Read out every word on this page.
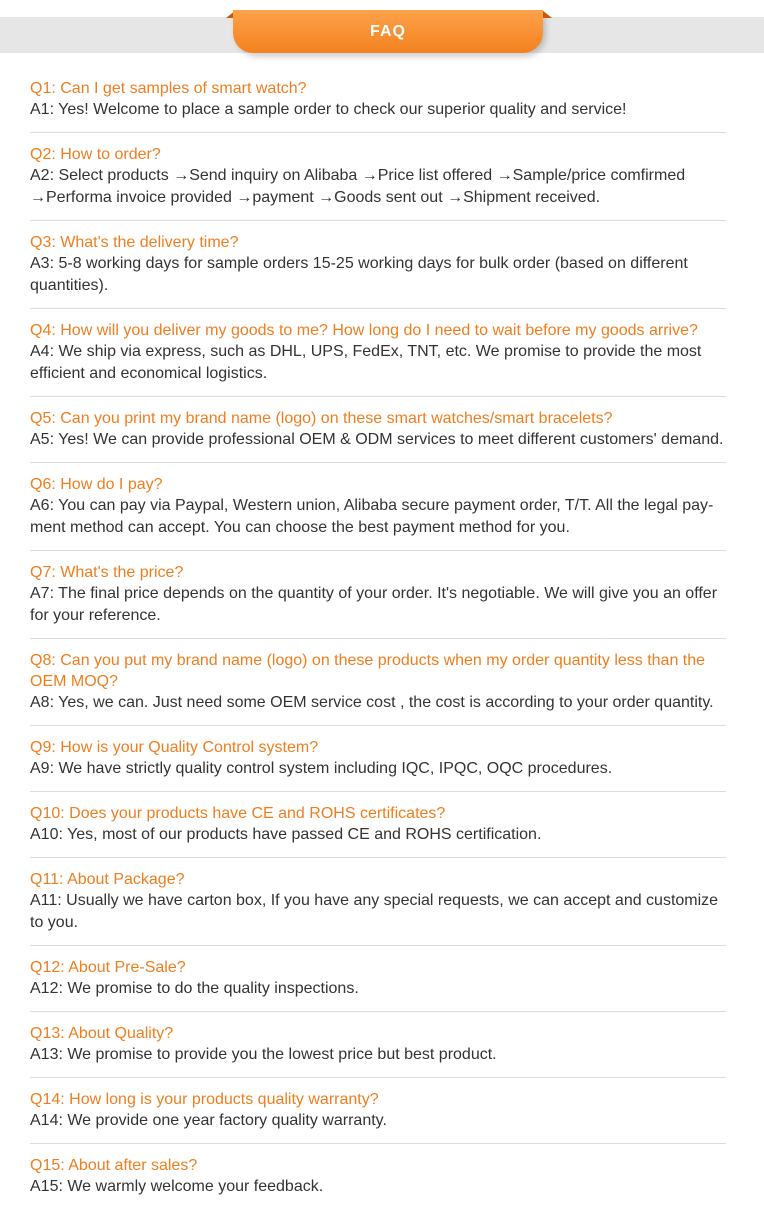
FAQ
Q1: Can I get samples of smart watch?
A1: Yes! Welcome to place a sample order to check our superior quality and service!
Q2: How to order?
A2: Select products →Send inquiry on Alibaba →Price list offered →Sample/price comfirmed →Performa invoice provided →payment →Goods sent out →Shipment received.
Q3: What's the delivery time?
A3: 5-8 working days for sample orders 15-25 working days for bulk order (based on different quantities).
Q4: How will you deliver my goods to me? How long do I need to wait before my goods arrive?
A4: We ship via express, such as DHL, UPS, FedEx, TNT, etc. We promise to provide the most efficient and economical logistics.
Q5: Can you print my brand name (logo) on these smart watches/smart bracelets?
A5: Yes! We can provide professional OEM & ODM services to meet different customers' demand.
Q6: How do I pay?
A6: You can pay via Paypal, Western union, Alibaba secure payment order, T/T. All the legal pay-ment method can accept. You can choose the best payment method for you.
Q7: What's the price?
A7: The final price depends on the quantity of your order. It's negotiable. We will give you an offer for your reference.
Q8: Can you put my brand name (logo) on these products when my order quantity less than the OEM MOQ?
A8: Yes, we can. Just need some OEM service cost , the cost is according to your order quantity.
Q9: How is your Quality Control system?
A9: We have strictly quality control system including IQC, IPQC, OQC procedures.
Q10: Does your products have CE and ROHS certificates?
A10: Yes, most of our products have passed CE and ROHS certification.
Q11: About Package?
A11: Usually we have carton box, If you have any special requests, we can accept and customize to you.
Q12: About Pre-Sale?
A12: We promise to do the quality inspections.
Q13: About Quality?
A13: We promise to provide you the lowest price but best product.
Q14: How long is your products quality warranty?
A14: We provide one year factory quality warranty.
Q15: About after sales?
A15: We warmly welcome your feedback.
